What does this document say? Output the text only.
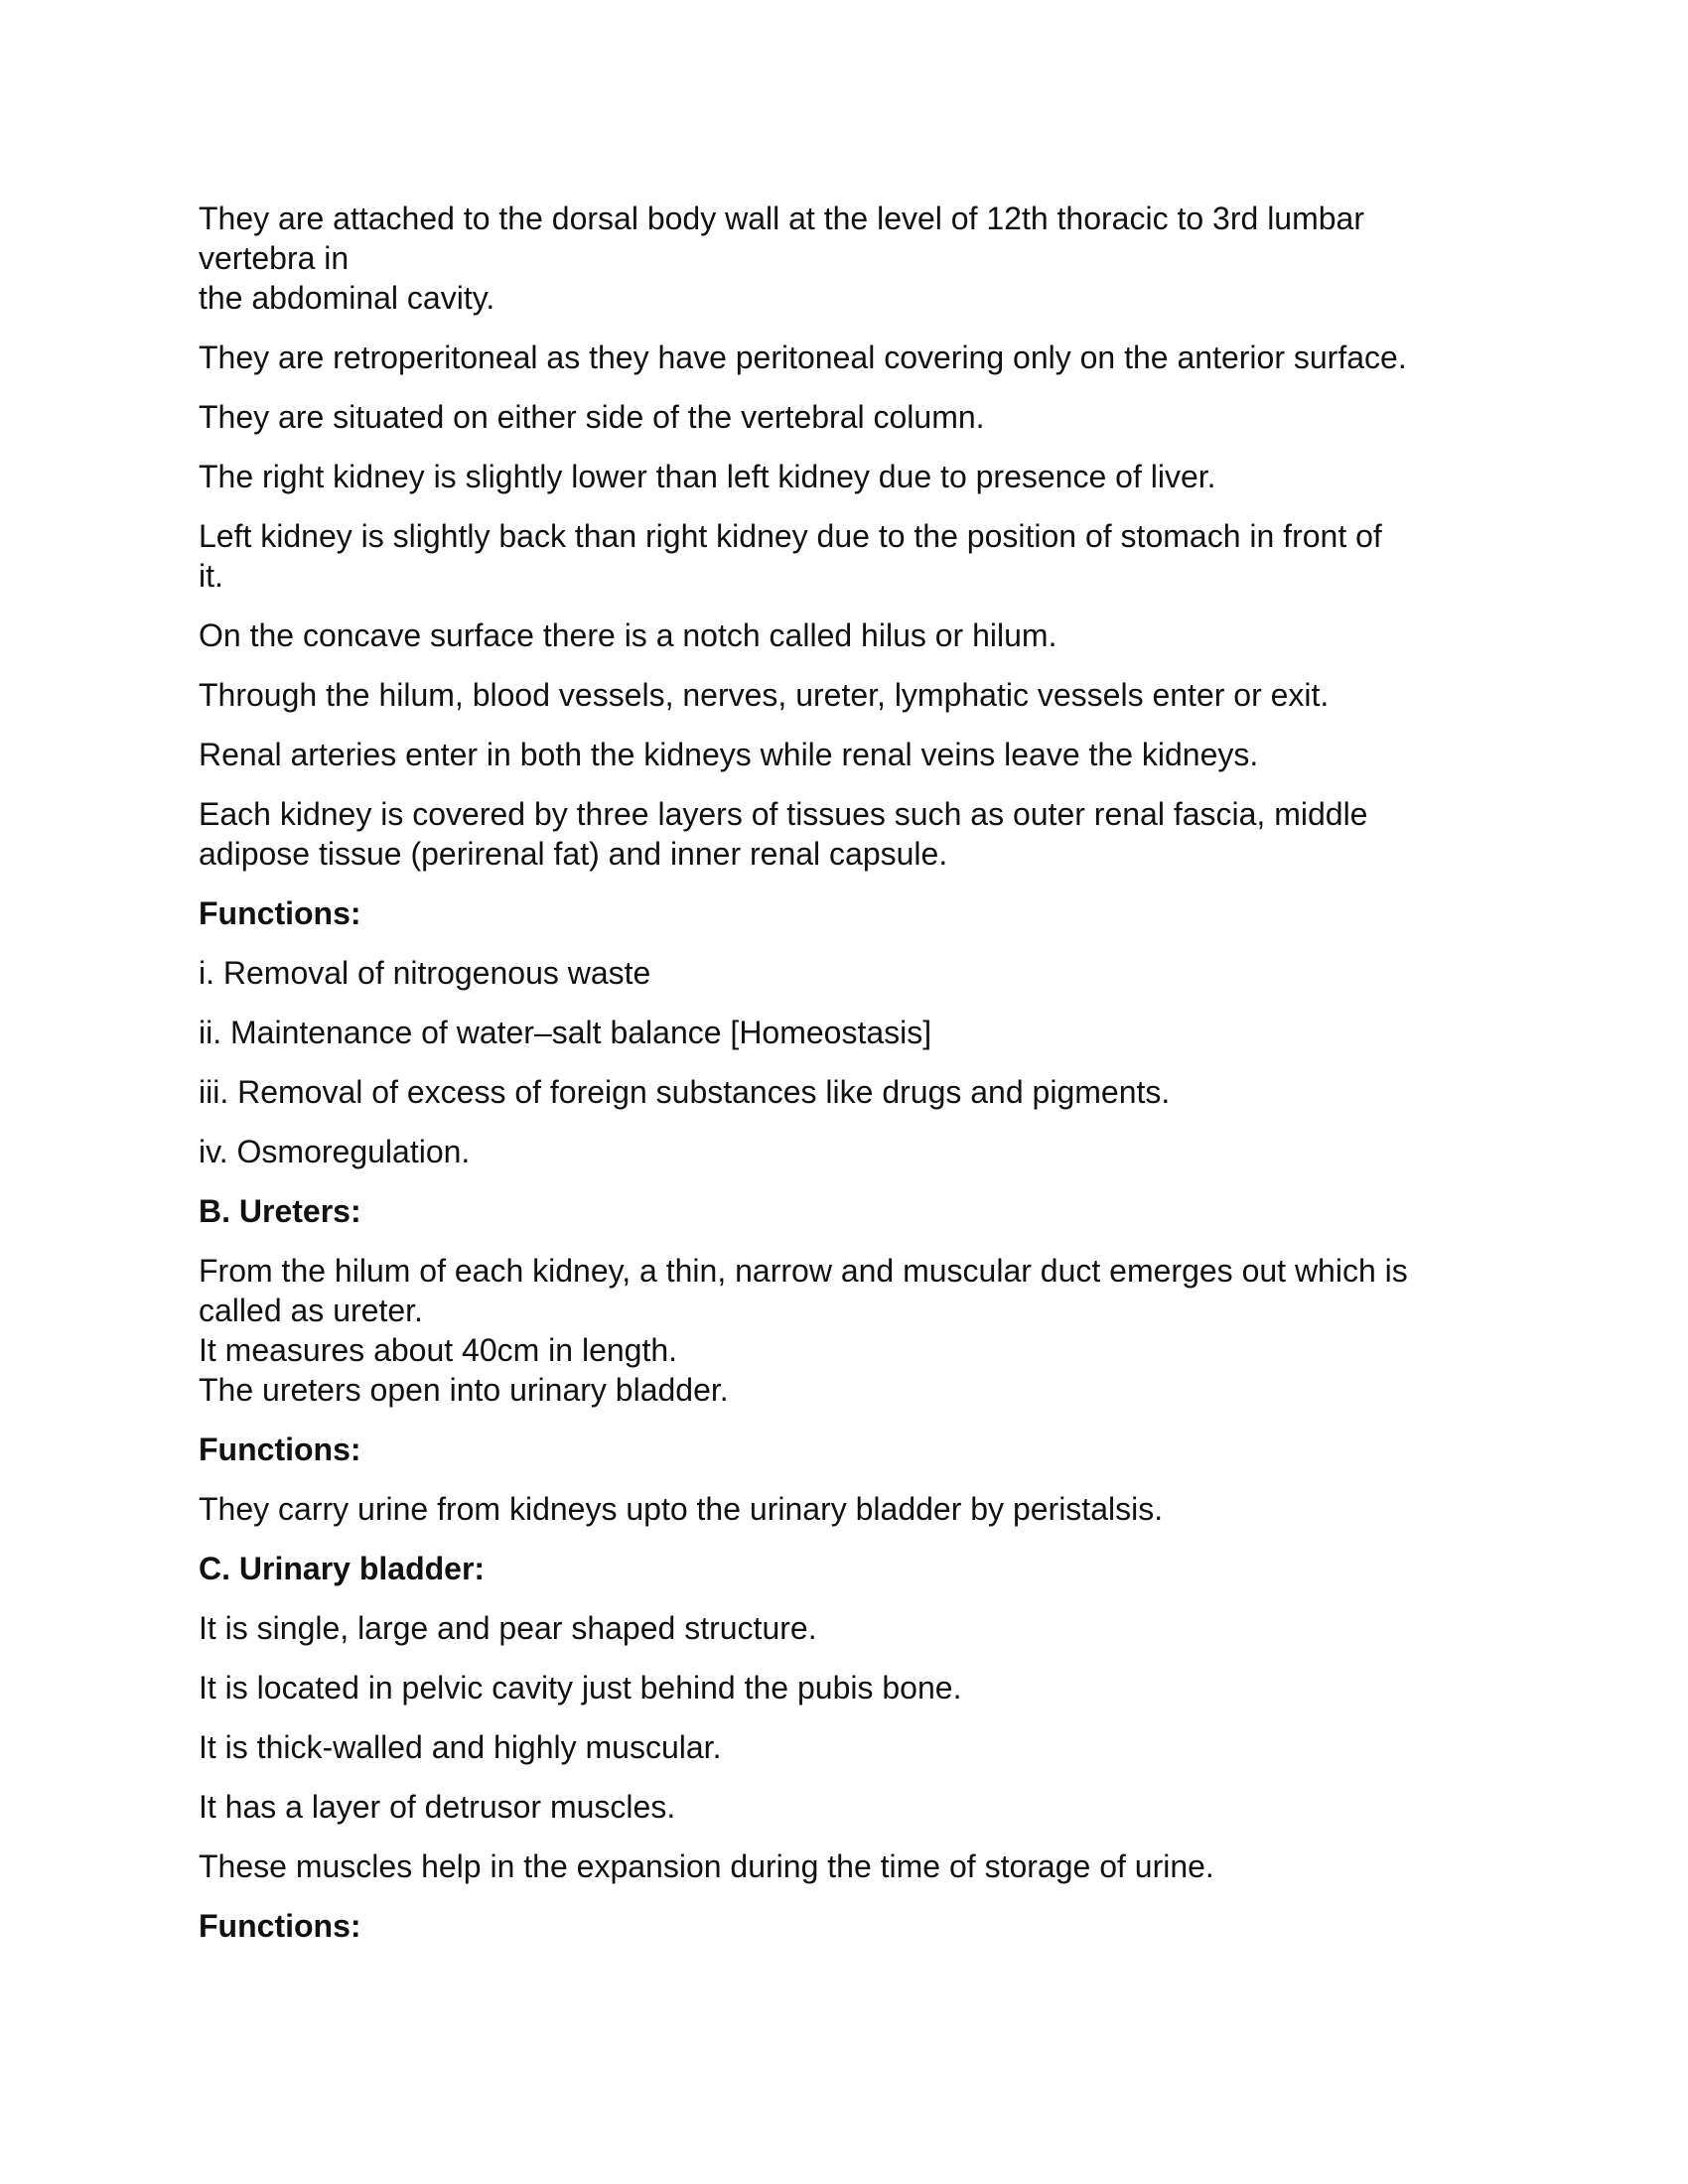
They are attached to the dorsal body wall at the level of 12th thoracic to 3rd lumbar
vertebra in
the abdominal cavity.

They are retroperitoneal as they have peritoneal covering only on the anterior surface.

They are situated on either side of the vertebral column.

The right kidney is slightly lower than left kidney due to presence of liver.

Left kidney is slightly back than right kidney due to the position of stomach in front of
it.

On the concave surface there is a notch called hilus or hilum.

Through the hilum, blood vessels, nerves, ureter, lymphatic vessels enter or exit.

Renal arteries enter in both the kidneys while renal veins leave the kidneys.

Each kidney is covered by three layers of tissues such as outer renal fascia, middle
adipose tissue (perirenal fat) and inner renal capsule.

Functions:

i. Removal of nitrogenous waste

ii. Maintenance of water–salt balance [Homeostasis]

iii. Removal of excess of foreign substances like drugs and pigments.

iv. Osmoregulation.

B. Ureters:

From the hilum of each kidney, a thin, narrow and muscular duct emerges out which is
called as ureter.
It measures about 40cm in length.
The ureters open into urinary bladder.

Functions:

They carry urine from kidneys upto the urinary bladder by peristalsis.

C. Urinary bladder:

It is single, large and pear shaped structure.

It is located in pelvic cavity just behind the pubis bone.

It is thick-walled and highly muscular.

It has a layer of detrusor muscles.

These muscles help in the expansion during the time of storage of urine.

Functions:
